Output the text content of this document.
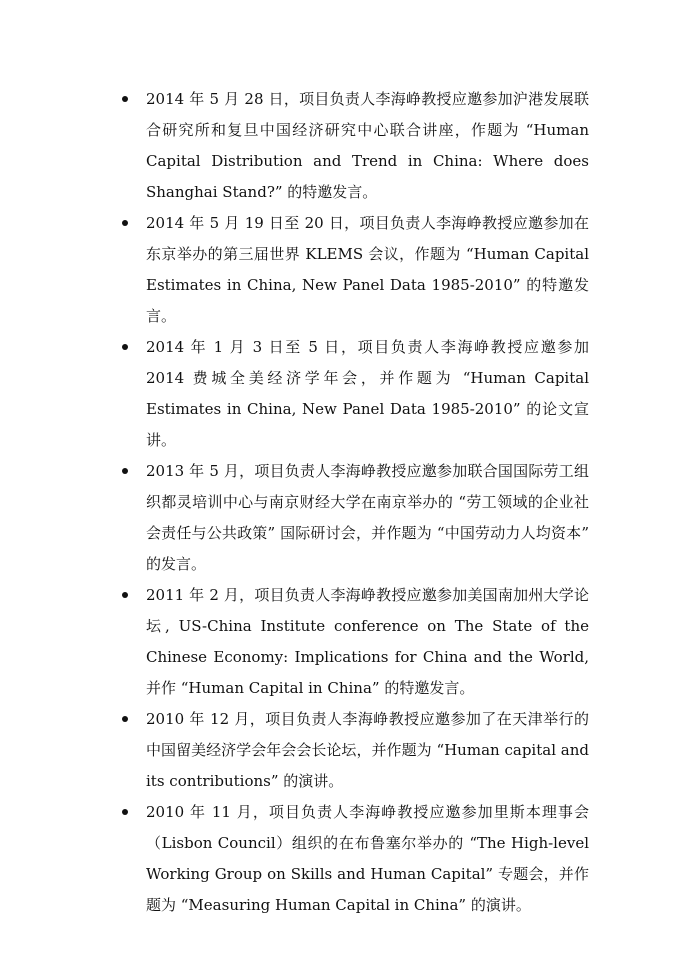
2014 年 5 月 28 日，项目负责人李海峥教授应邀参加沪港发展联合研究所和复旦中国经济研究中心联合讲座，作题为 “Human Capital Distribution and Trend in China: Where does Shanghai Stand?” 的特邀发言。
2014 年 5 月 19 日至 20 日，项目负责人李海峥教授应邀参加在东京举办的第三届世界 KLEMS 会议，作题为 “Human Capital Estimates in China, New Panel Data 1985-2010” 的特邀发言。
2014 年 1 月 3 日至 5 日，项目负责人李海峥教授应邀参加 2014 费城全美经济学年会，并作题为 “Human Capital Estimates in China, New Panel Data 1985-2010” 的论文宣讲。
2013 年 5 月，项目负责人李海峥教授应邀参加联合国国际劳工组织都灵培训中心与南京财经大学在南京举办的 “劳工领域的企业社会责任与公共政策” 国际研讨会，并作题为 “中国劳动力人均资本” 的发言。
2011 年 2 月，项目负责人李海峥教授应邀参加美国南加州大学论坛, US-China Institute conference on The State of the Chinese Economy: Implications for China and the World, 并作 “Human Capital in China” 的特邀发言。
2010 年 12 月，项目负责人李海峥教授应邀参加了在天津举行的中国留美经济学会年会会长论坛，并作题为 “Human capital and its contributions” 的演讲。
2010 年 11 月，项目负责人李海峥教授应邀参加里斯本理事会（Lisbon Council）组织的在布鲁塞尔举办的 “The High-level Working Group on Skills and Human Capital” 专题会，并作题为 “Measuring Human Capital in China” 的演讲。
